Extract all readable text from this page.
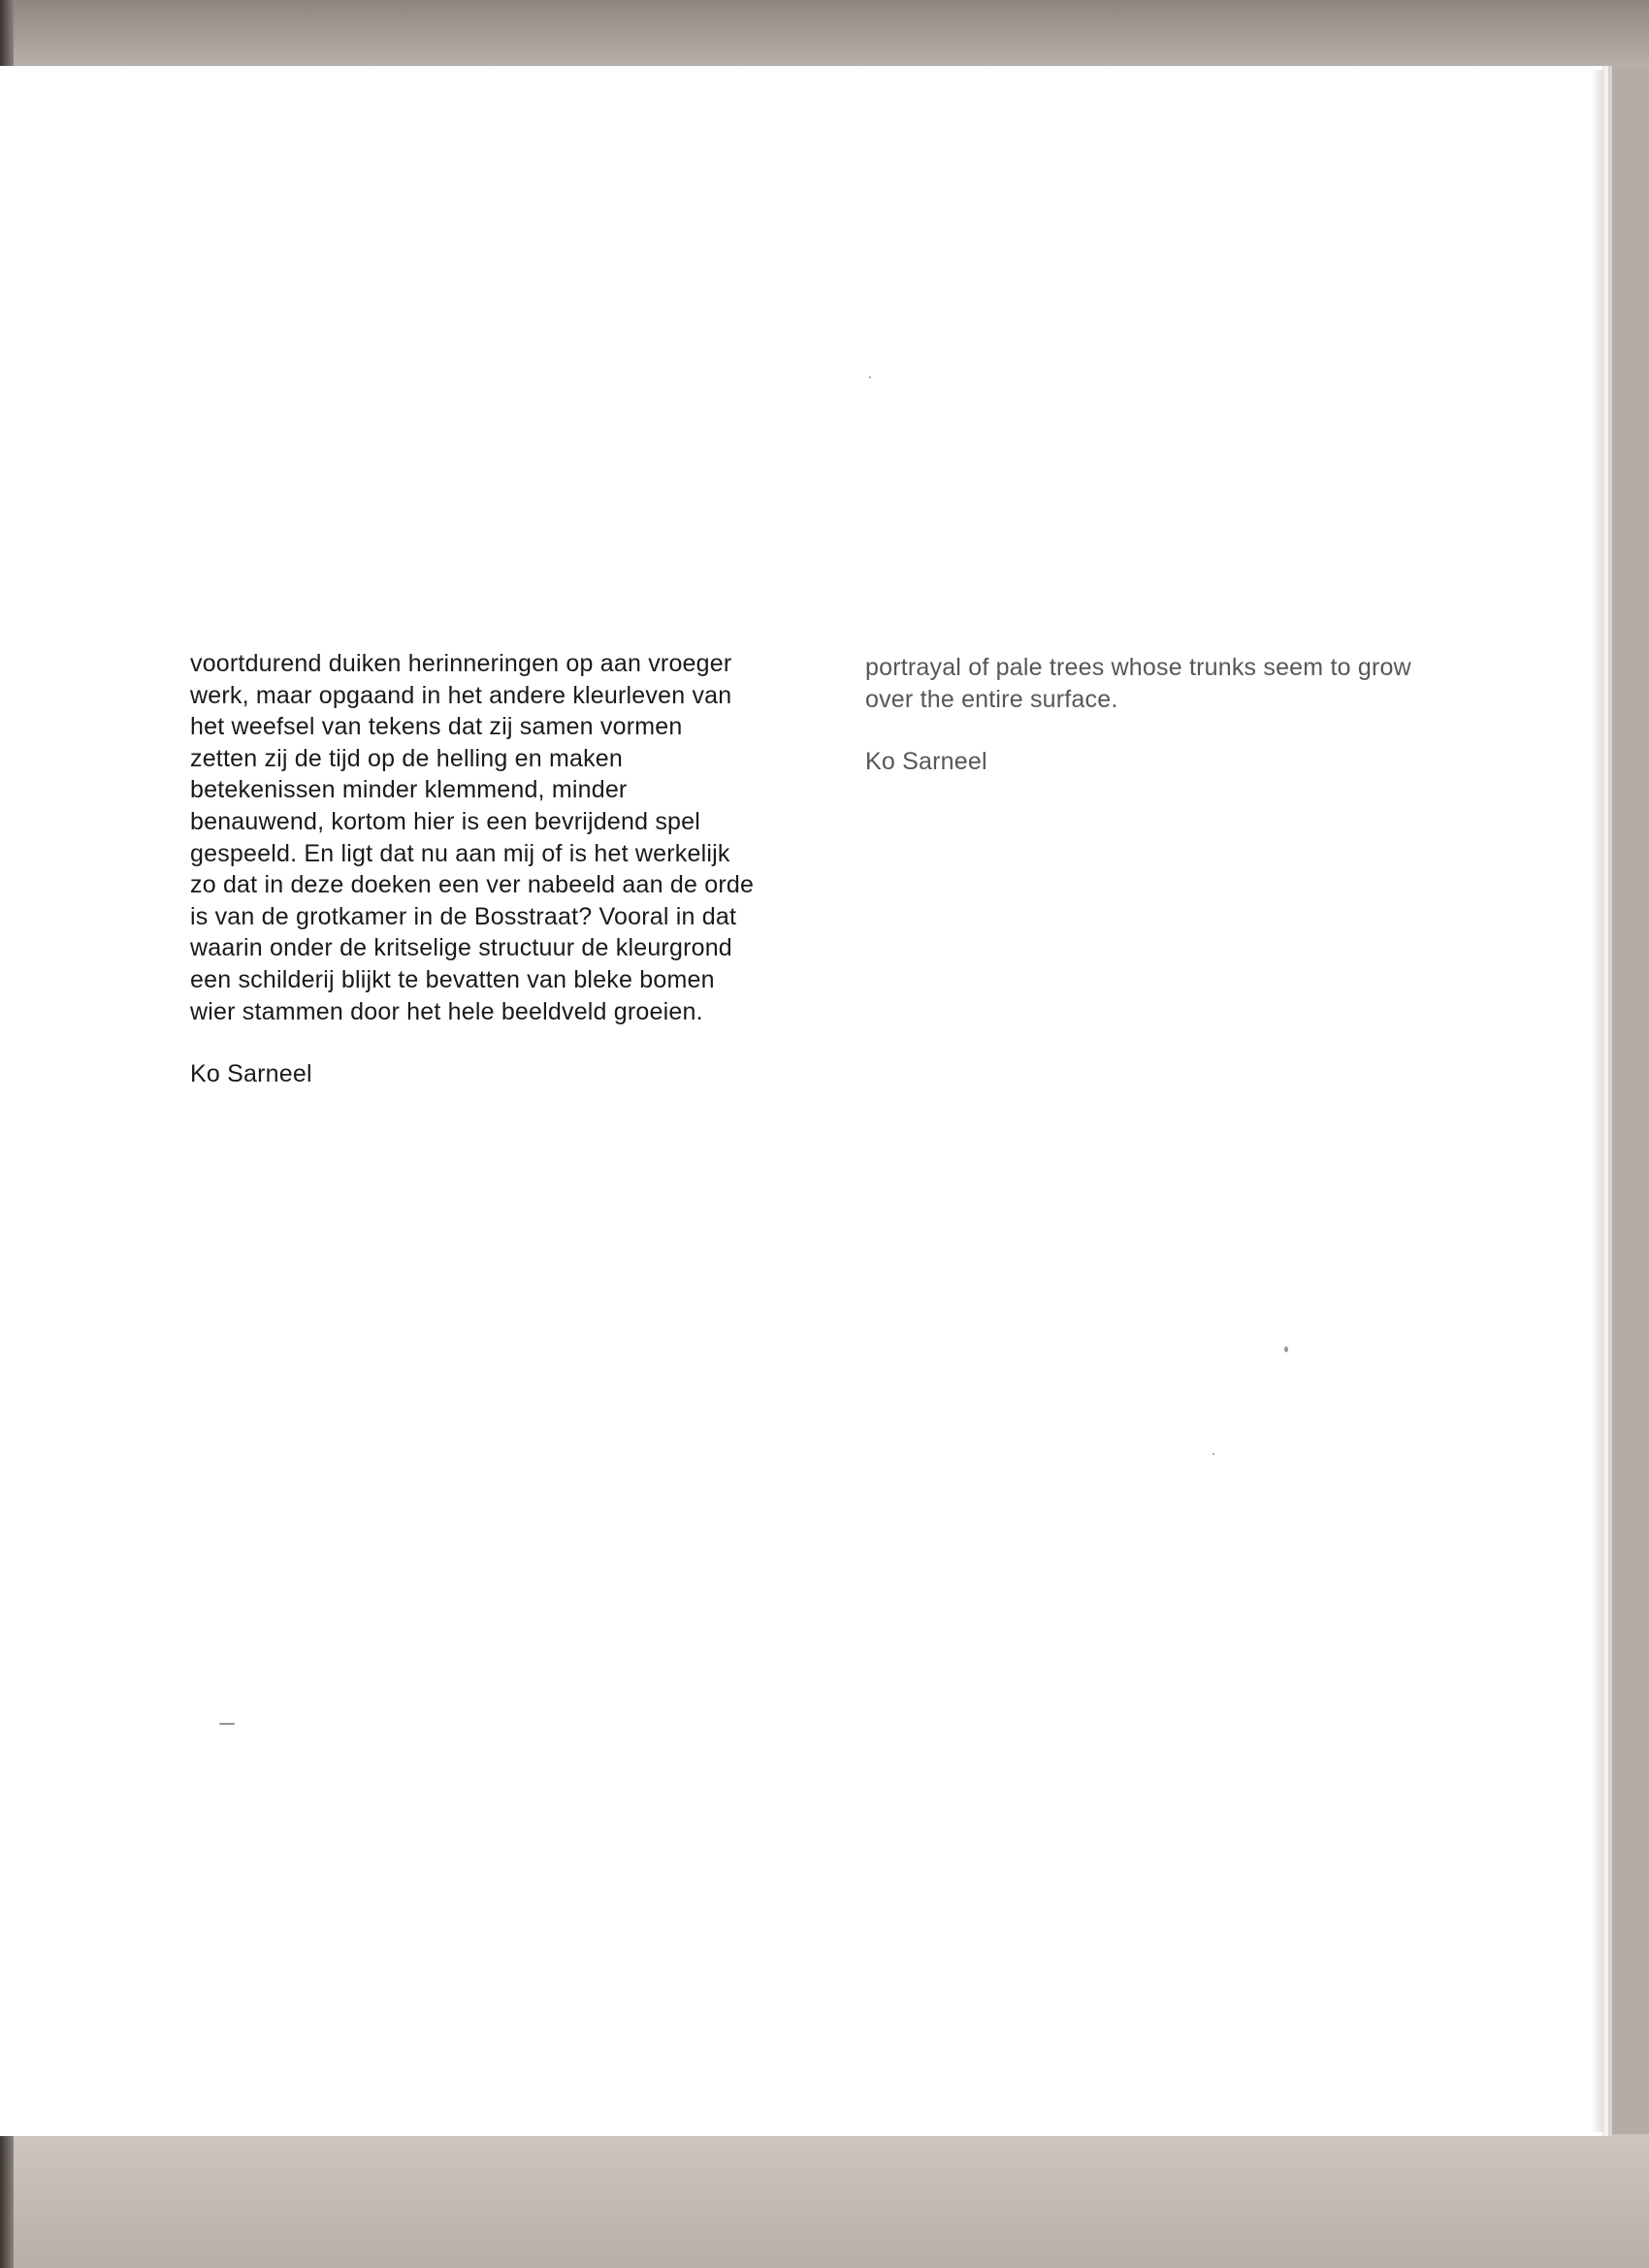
voortdurend duiken herinneringen op aan vroeger
werk, maar opgaand in het andere kleurleven van
het weefsel van tekens dat zij samen vormen
zetten zij de tijd op de helling en maken
betekenissen minder klemmend, minder
benauwend, kortom hier is een bevrijdend spel
gespeeld. En ligt dat nu aan mij of is het werkelijk
zo dat in deze doeken een ver nabeeld aan de orde
is van de grotkamer in de Bosstraat? Vooral in dat
waarin onder de kritselige structuur de kleurgrond
een schilderij blijkt te bevatten van bleke bomen
wier stammen door het hele beeldveld groeien.
Ko Sarneel
portrayal of pale trees whose trunks seem to grow
over the entire surface.
Ko Sarneel
